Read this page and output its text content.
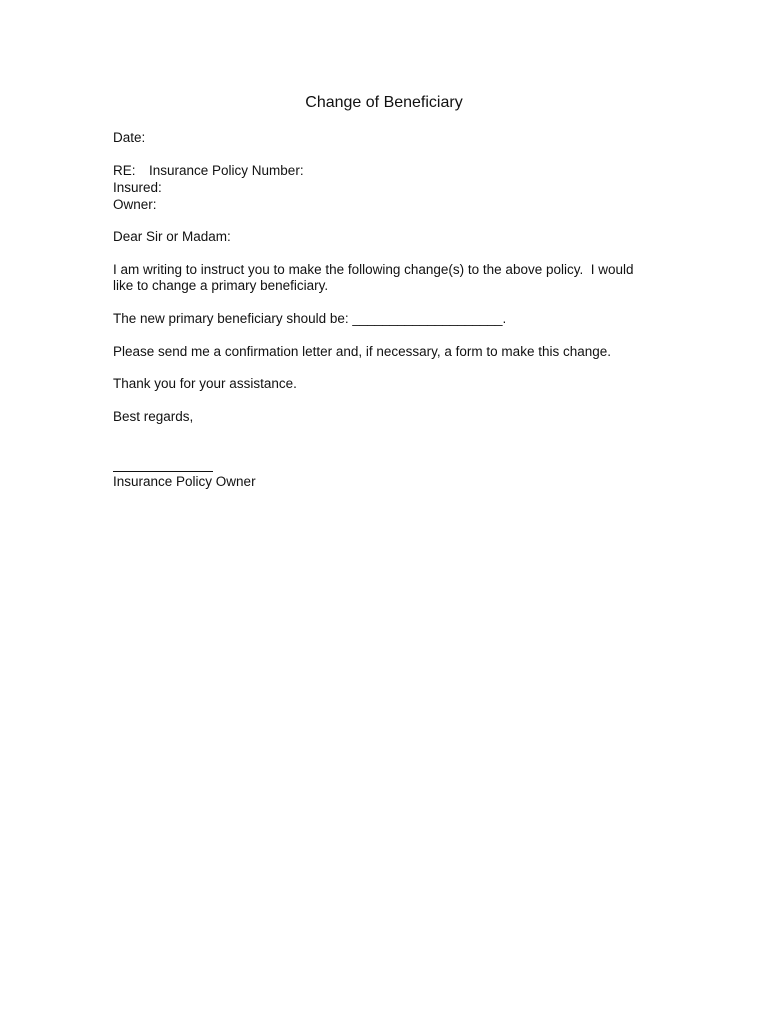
Change of Beneficiary

Date:

RE: Insurance Policy Number:

Insured:

Owner:

Dear Sir or Madam:

I am writing to instruct you to make the following change(s) to the above policy.  I would

like to change a primary beneficiary.

The new primary beneficiary should be: ____________________.

Please send me a confirmation letter and, if necessary, a form to make this change.

Thank you for your assistance.

Best regards,

Insurance Policy Owner
